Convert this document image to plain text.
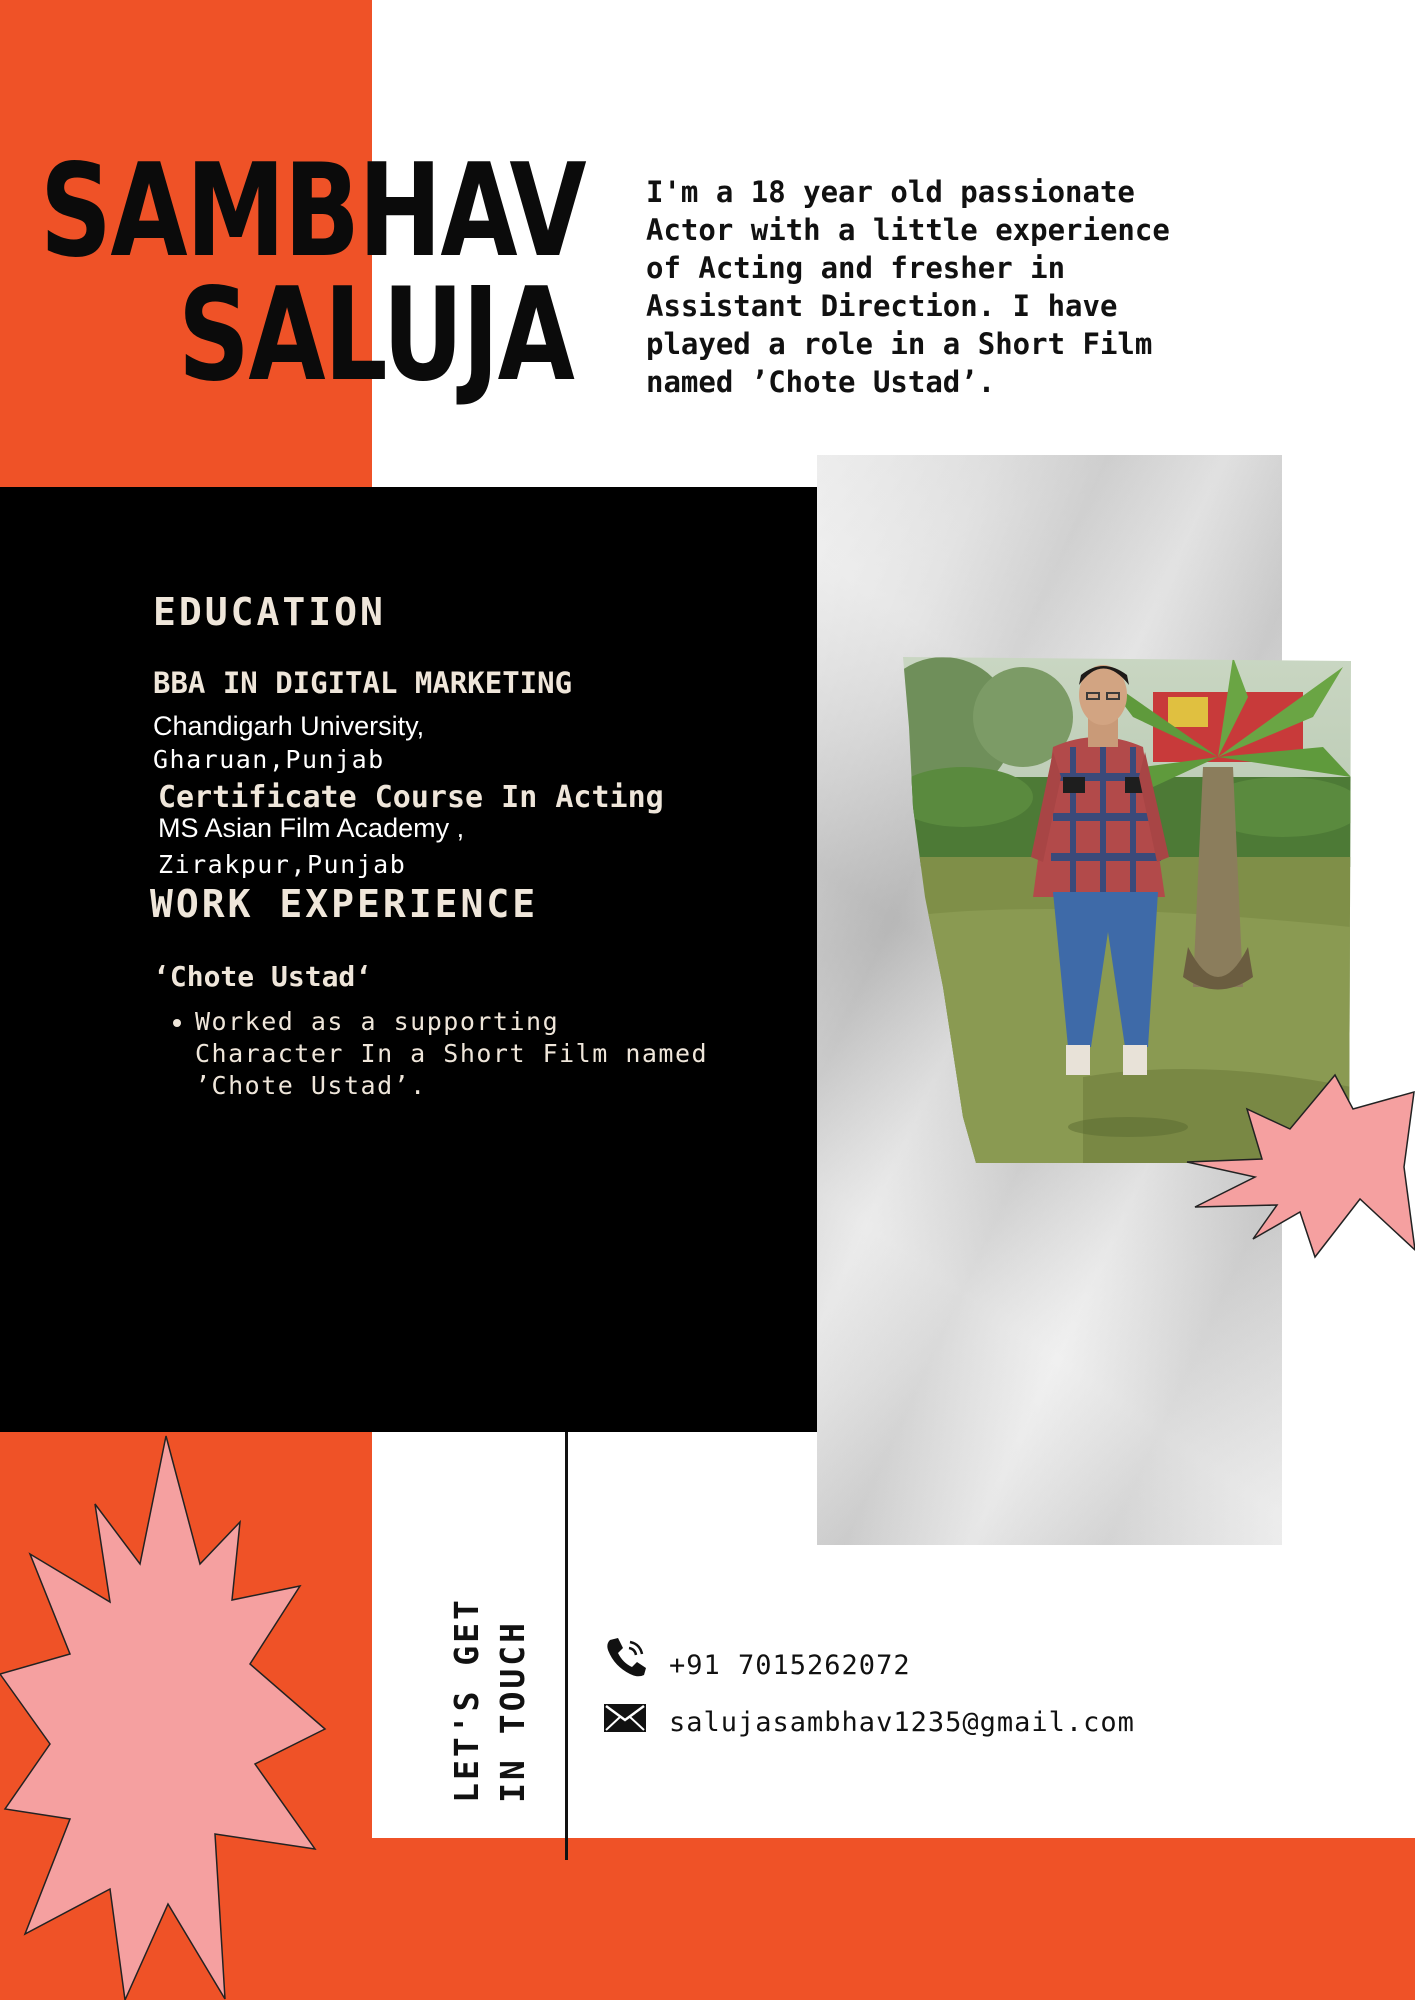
SAMBHAV
SALUJA
I'm a 18 year old passionate
Actor with a little experience
of Acting and fresher in
Assistant Direction. I have
played a role in a Short Film
named ’Chote Ustad’.
EDUCATION
BBA IN DIGITAL MARKETING
Chandigarh University,
Gharuan,Punjab
Certificate Course In Acting
MS Asian Film Academy ,
Zirakpur,Punjab
WORK EXPERIENCE
‘Chote Ustad‘
• Worked as a supporting Character In a Short Film named ’Chote Ustad’.
LET'S GET IN TOUCH	+91 7015262072
salujasambhav1235@gmail.com
